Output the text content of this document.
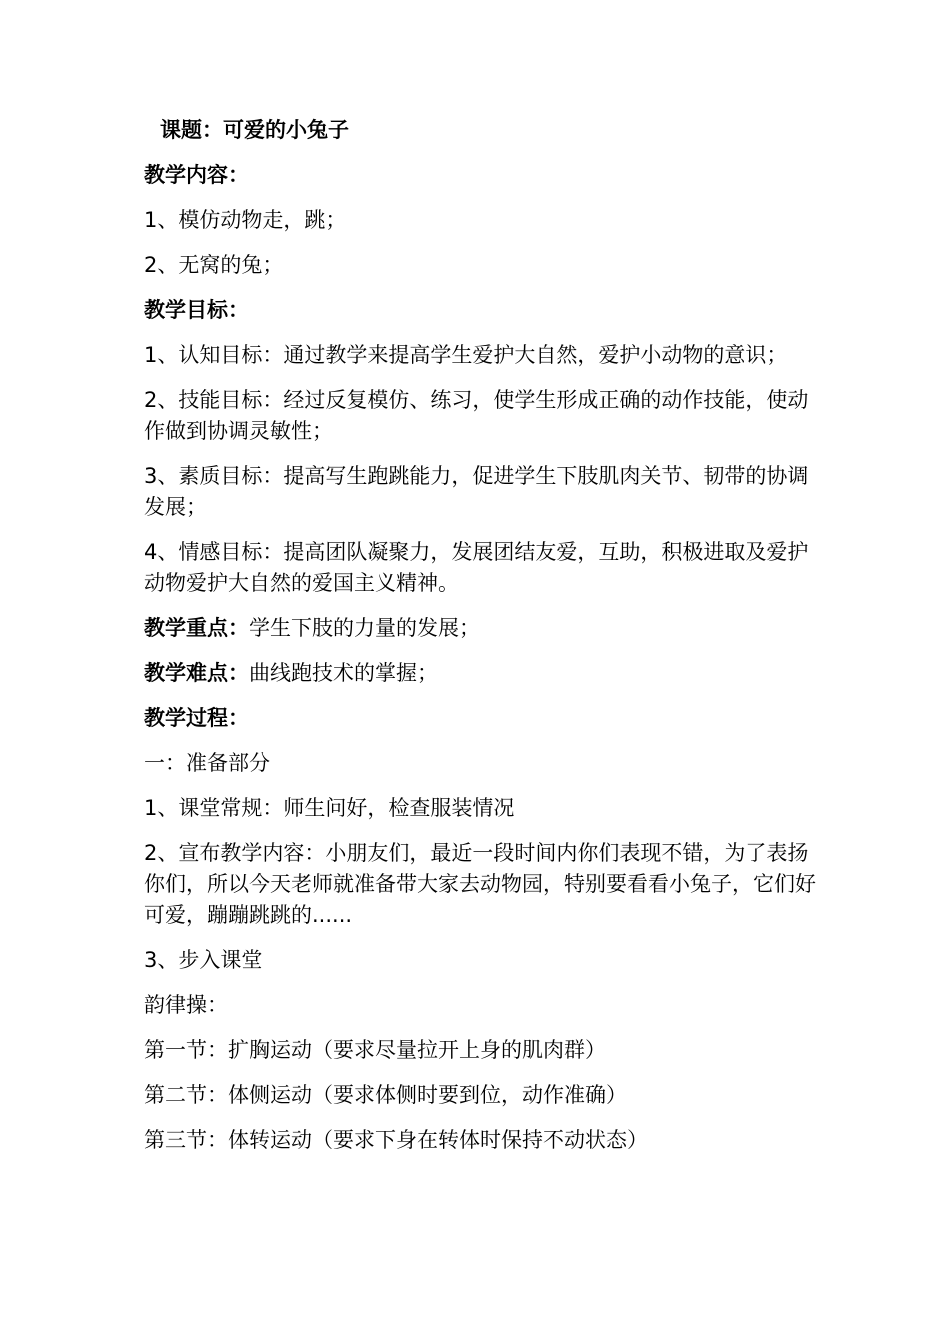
课题：可爱的小兔子
教学内容：
1、模仿动物走，跳；
2、无窝的兔；
教学目标：
1、认知目标：通过教学来提高学生爱护大自然，爱护小动物的意识；
2、技能目标：经过反复模仿、练习，使学生形成正确的动作技能，使动作做到协调灵敏性；
3、素质目标：提高写生跑跳能力，促进学生下肢肌肉关节、韧带的协调发展；
4、情感目标：提高团队凝聚力，发展团结友爱，互助，积极进取及爱护动物爱护大自然的爱国主义精神。
教学重点：学生下肢的力量的发展；
教学难点：曲线跑技术的掌握；
教学过程：
一：准备部分
1、课堂常规：师生问好，检查服装情况
2、宣布教学内容：小朋友们，最近一段时间内你们表现不错，为了表扬你们，所以今天老师就准备带大家去动物园，特别要看看小兔子，它们好可爱，蹦蹦跳跳的......
3、步入课堂
韵律操：
第一节：扩胸运动（要求尽量拉开上身的肌肉群）
第二节：体侧运动（要求体侧时要到位，动作准确）
第三节：体转运动（要求下身在转体时保持不动状态）
